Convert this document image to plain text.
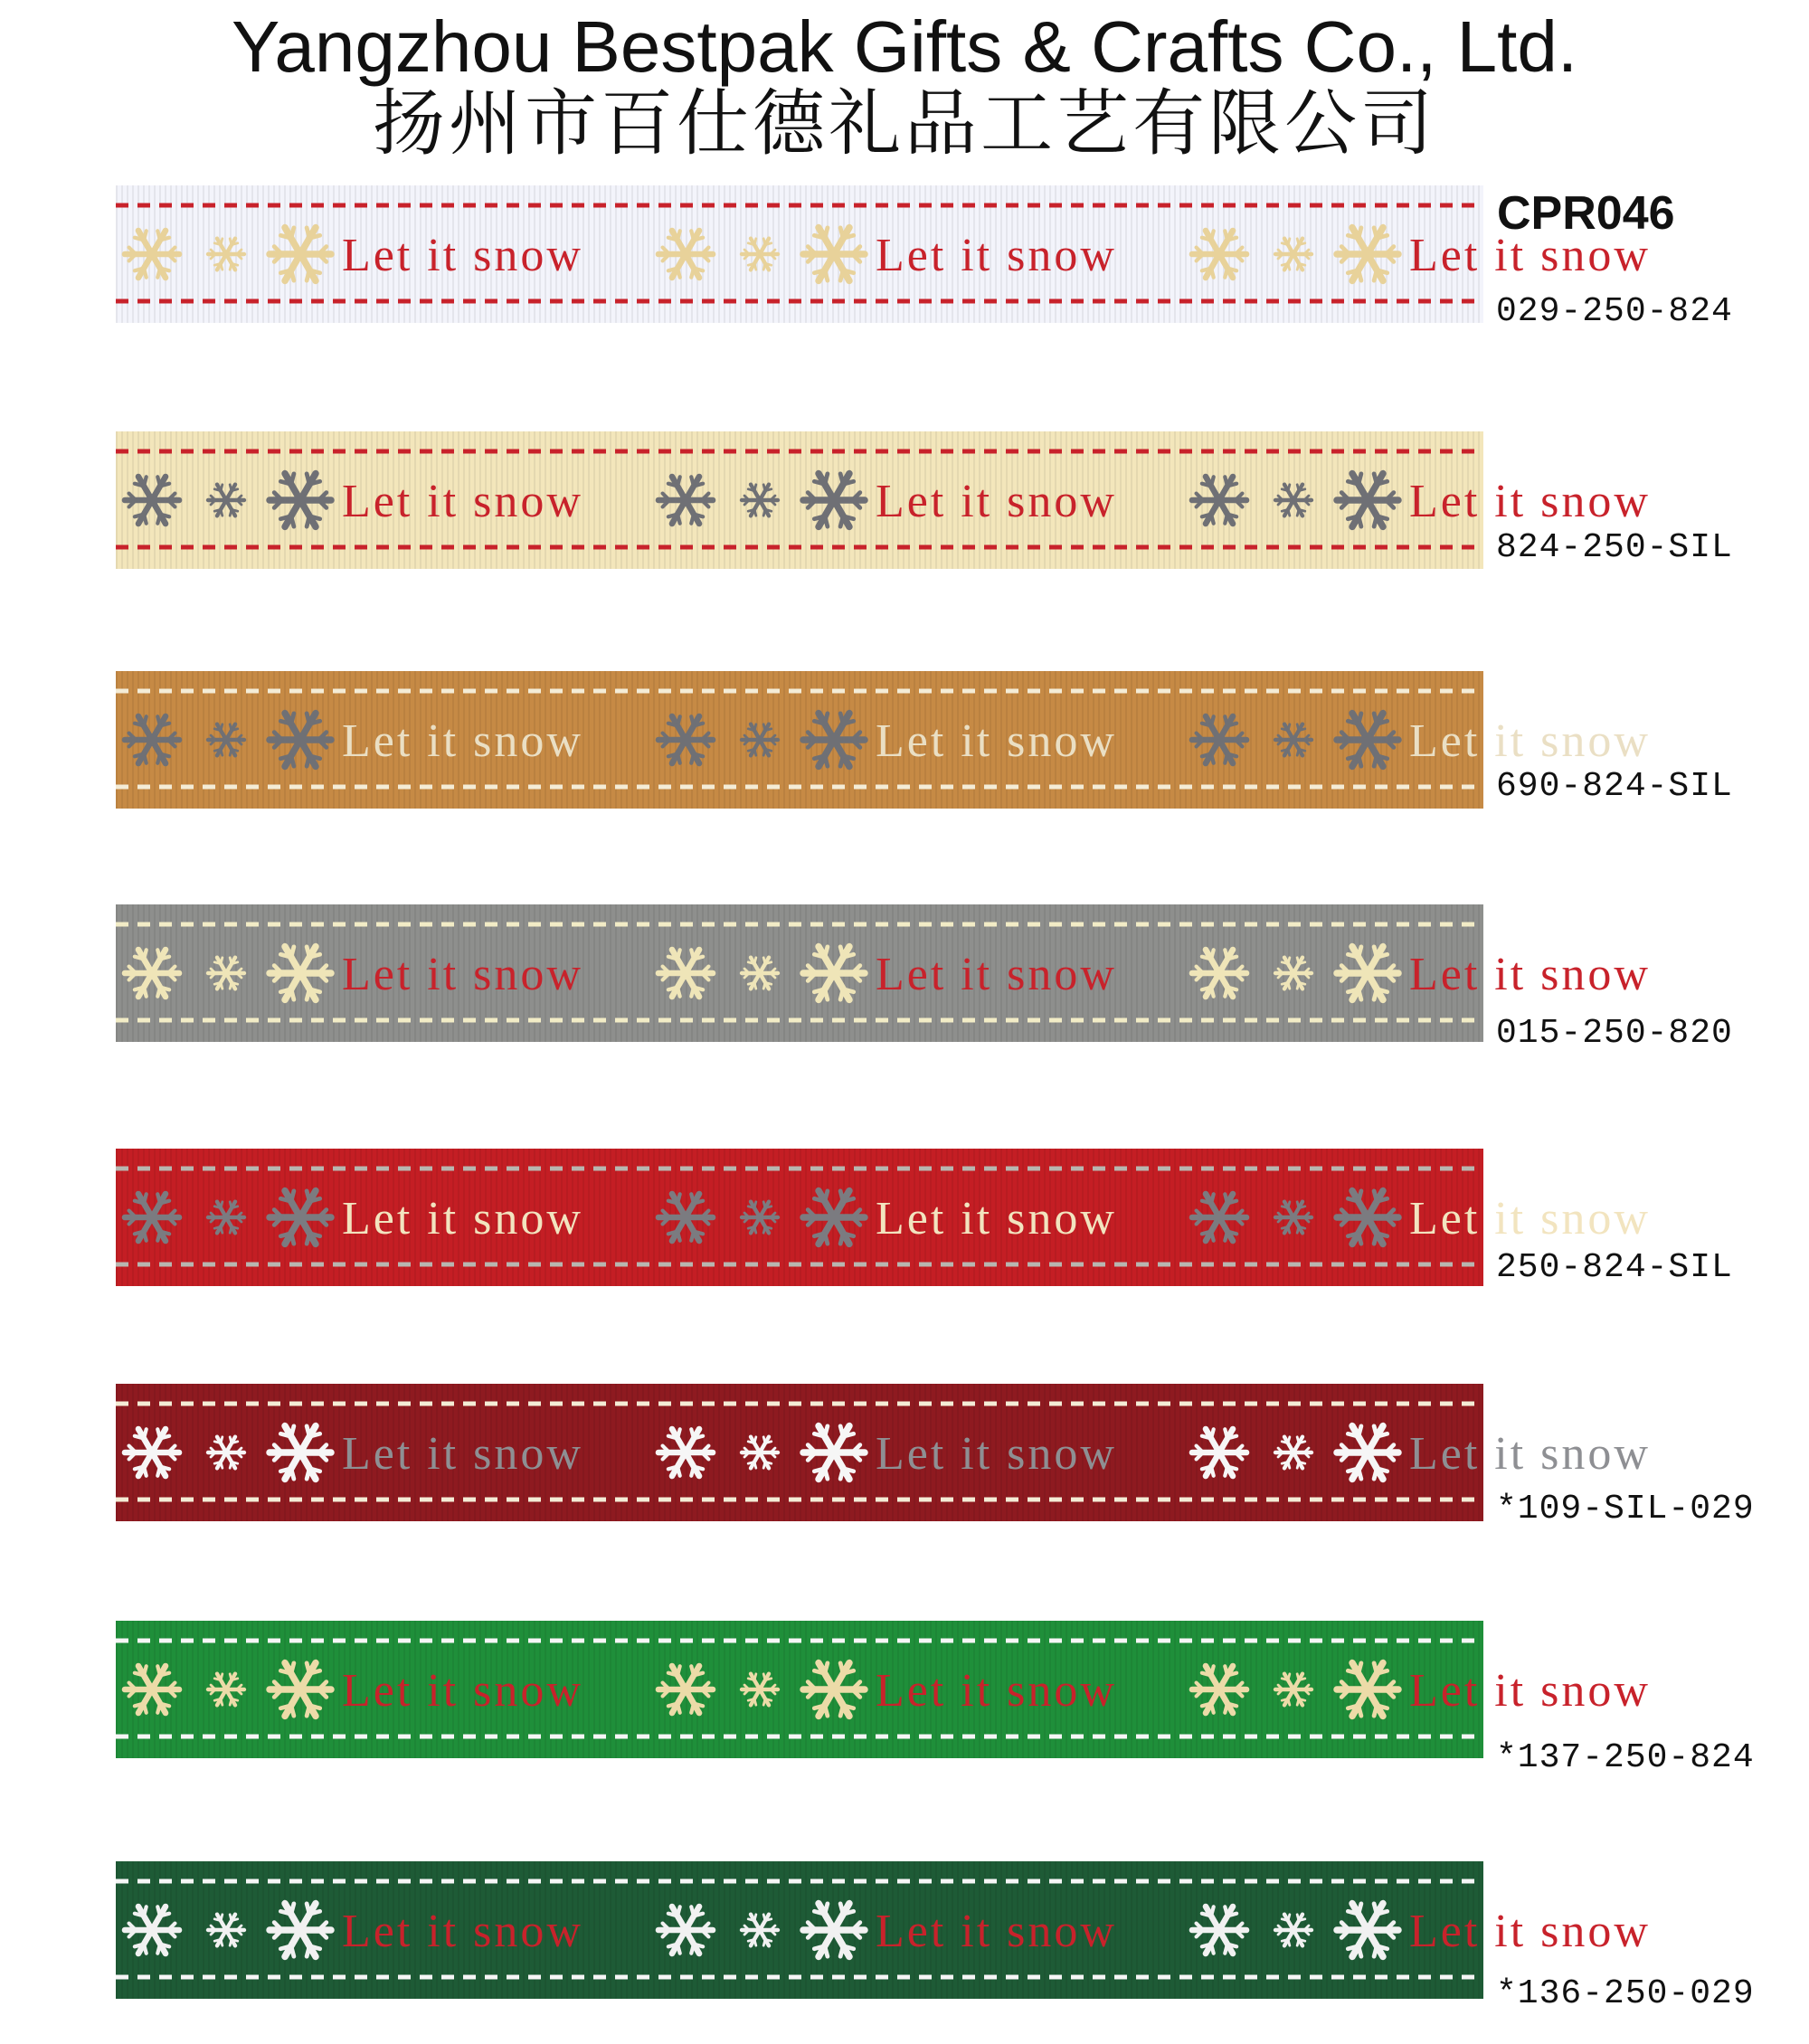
Yangzhou Bestpak Gifts & Crafts Co., Ltd.
扬州市百仕德礼品工艺有限公司
CPR046
Let it snow	Let it snow	Let it snow
029-250-824
Let it snow	Let it snow	Let it snow
824-250-SIL
Let it snow	Let it snow	Let it snow
690-824-SIL
Let it snow	Let it snow	Let it snow
015-250-820
Let it snow	Let it snow	Let it snow
250-824-SIL
Let it snow	Let it snow	Let it snow
*109-SIL-029
Let it snow	Let it snow	Let it snow
*137-250-824
Let it snow	Let it snow	Let it snow
*136-250-029
